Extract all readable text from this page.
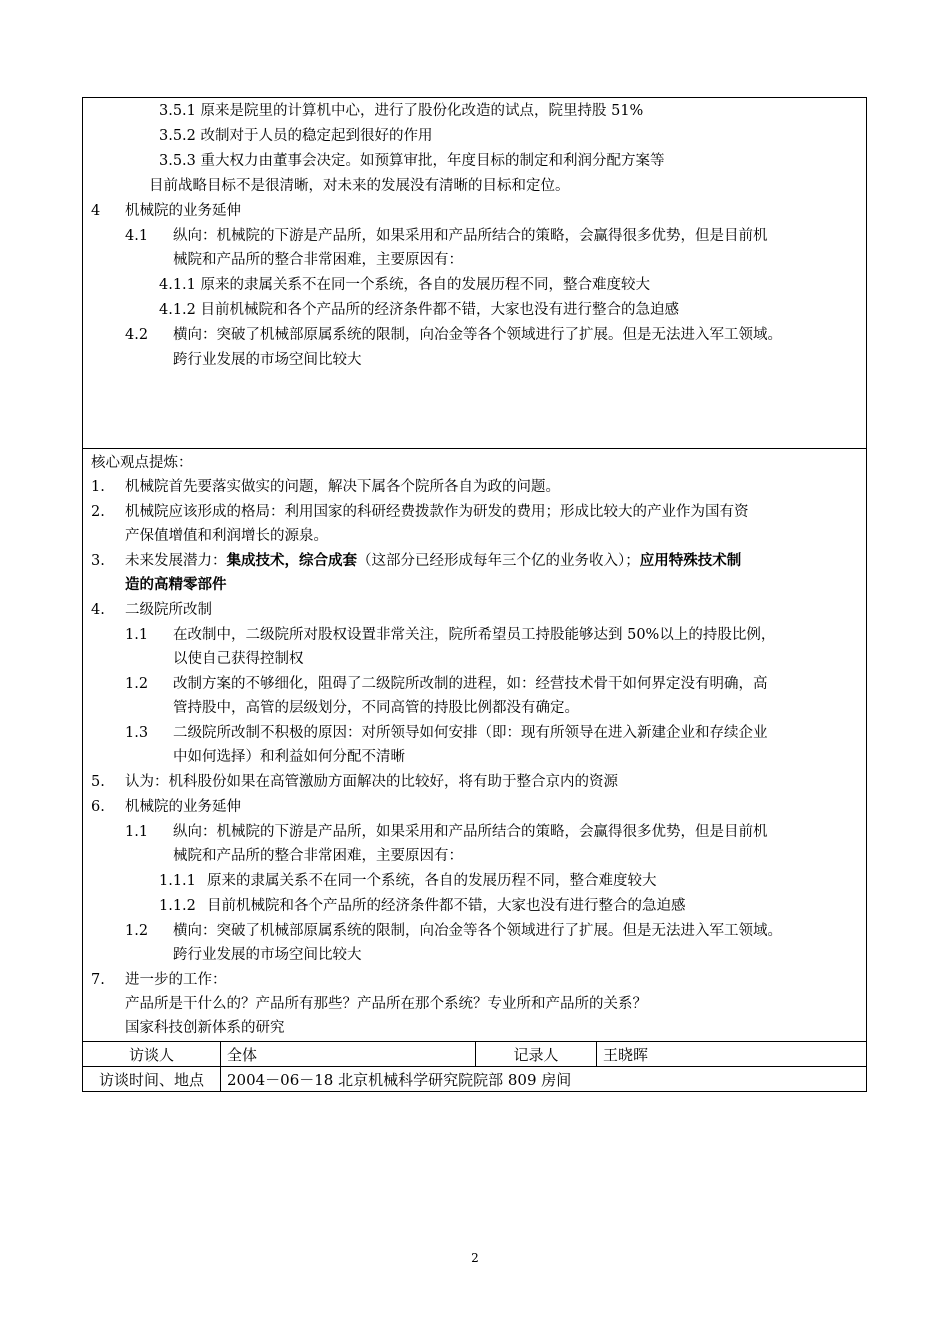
3.5.1 原来是院里的计算机中心，进行了股份化改造的试点，院里持股 51%
3.5.2 改制对于人员的稳定起到很好的作用
3.5.3 重大权力由董事会决定。如预算审批，年度目标的制定和利润分配方案等
目前战略目标不是很清晰，对未来的发展没有清晰的目标和定位。
4 机械院的业务延伸
4.1 纵向：机械院的下游是产品所，如果采用和产品所结合的策略，会赢得很多优势，但是目前机
械院和产品所的整合非常困难，主要原因有：
4.1.1 原来的隶属关系不在同一个系统，各自的发展历程不同，整合难度较大
4.1.2 目前机械院和各个产品所的经济条件都不错，大家也没有进行整合的急迫感
4.2 横向：突破了机械部原属系统的限制，向冶金等各个领域进行了扩展。但是无法进入军工领域。
跨行业发展的市场空间比较大
核心观点提炼：
1. 机械院首先要落实做实的问题，解决下属各个院所各自为政的问题。
2. 机械院应该形成的格局：利用国家的科研经费拨款作为研发的费用；形成比较大的产业作为国有资
产保值增值和利润增长的源泉。
3. 未来发展潜力：集成技术，综合成套（这部分已经形成每年三个亿的业务收入）；应用特殊技术制
造的高精零部件
4. 二级院所改制
1.1 在改制中，二级院所对股权设置非常关注，院所希望员工持股能够达到 50%以上的持股比例，
以使自己获得控制权
1.2 改制方案的不够细化，阻碍了二级院所改制的进程，如：经营技术骨干如何界定没有明确，高
管持股中，高管的层级划分，不同高管的持股比例都没有确定。
1.3 二级院所改制不积极的原因：对所领导如何安排（即：现有所领导在进入新建企业和存续企业
中如何选择）和利益如何分配不清晰
5. 认为：机科股份如果在高管激励方面解决的比较好，将有助于整合京内的资源
6. 机械院的业务延伸
1.1 纵向：机械院的下游是产品所，如果采用和产品所结合的策略，会赢得很多优势，但是目前机
械院和产品所的整合非常困难，主要原因有：
1.1.1 原来的隶属关系不在同一个系统，各自的发展历程不同，整合难度较大
1.1.2 目前机械院和各个产品所的经济条件都不错，大家也没有进行整合的急迫感
1.2 横向：突破了机械部原属系统的限制，向冶金等各个领域进行了扩展。但是无法进入军工领域。
跨行业发展的市场空间比较大
7. 进一步的工作：
产品所是干什么的？产品所有那些？产品所在那个系统？专业所和产品所的关系？
国家科技创新体系的研究
访谈人	全体	记录人	王晓晖
访谈时间、地点	2004－06－18 北京机械科学研究院院部 809 房间		
2
